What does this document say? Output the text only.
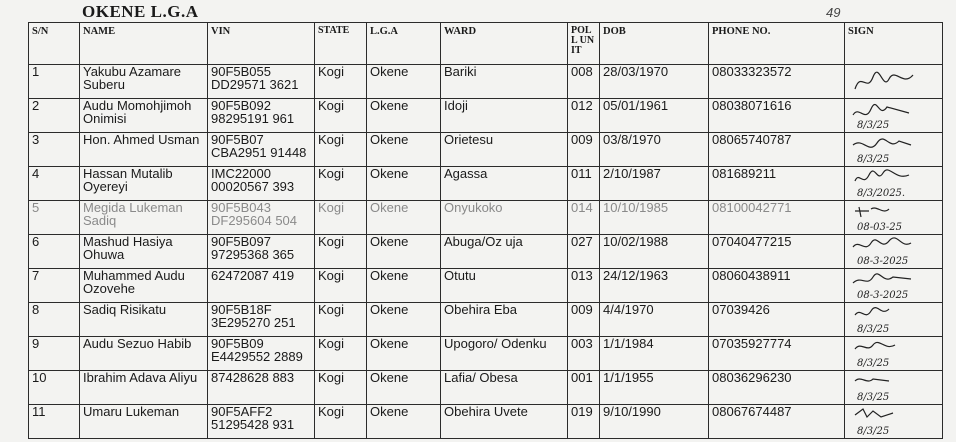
OKENE L.G.A	49
S/N	NAME	VIN	STATE	L.G.A	WARD	POLL UNIT	DOB	PHONE NO.	SIGN
1	Yakubu Azamare Suberu	90F5B055 DD29571 3621	Kogi	Okene	Bariki	008	28/03/1970	08033323572	

2	Audu Momohjimoh Onimisi	90F5B092 98295191 961	Kogi	Okene	Idoji	012	05/01/1961	08038071616	8/3/25

3	Hon. Ahmed Usman	90F5B07 CBA2951 91448	Kogi	Okene	Orietesu	009	03/8/1970	08065740787	8/3/25

4	Hassan Mutalib Oyereyi	IMC22000 00020567 393	Kogi	Okene	Agassa	011	2/10/1987	081689211	8/3/2025.

5	Megida Lukeman Sadiq	90F5B043 DF295604 504	Kogi	Okene	Onyukoko	014	10/10/1985	08100042771	08-03-25

6	Mashud Hasiya Ohuwa	90F5B097 97295368 365	Kogi	Okene	Abuga/Oz uja	027	10/02/1988	07040477215	08-3-2025

7	Muhammed Audu Ozovehe	62472087 419	Kogi	Okene	Otutu	013	24/12/1963	08060438911	08-3-2025

8	Sadiq Risikatu	90F5B18F 3E295270 251	Kogi	Okene	Obehira Eba	009	4/4/1970	07039426	8/3/25

9	Audu Sezuo Habib	90F5B09 E4429552 2889	Kogi	Okene	Upogoro/ Odenku	003	1/1/1984	07035927774	8/3/25

10	Ibrahim Adava Aliyu	87428628 883	Kogi	Okene	Lafia/ Obesa	001	1/1/1955	08036296230	8/3/25

11	Umaru Lukeman	90F5AFF2 51295428 931	Kogi	Okene	Obehira Uvete	019	9/10/1990	08067674487	8/3/25
